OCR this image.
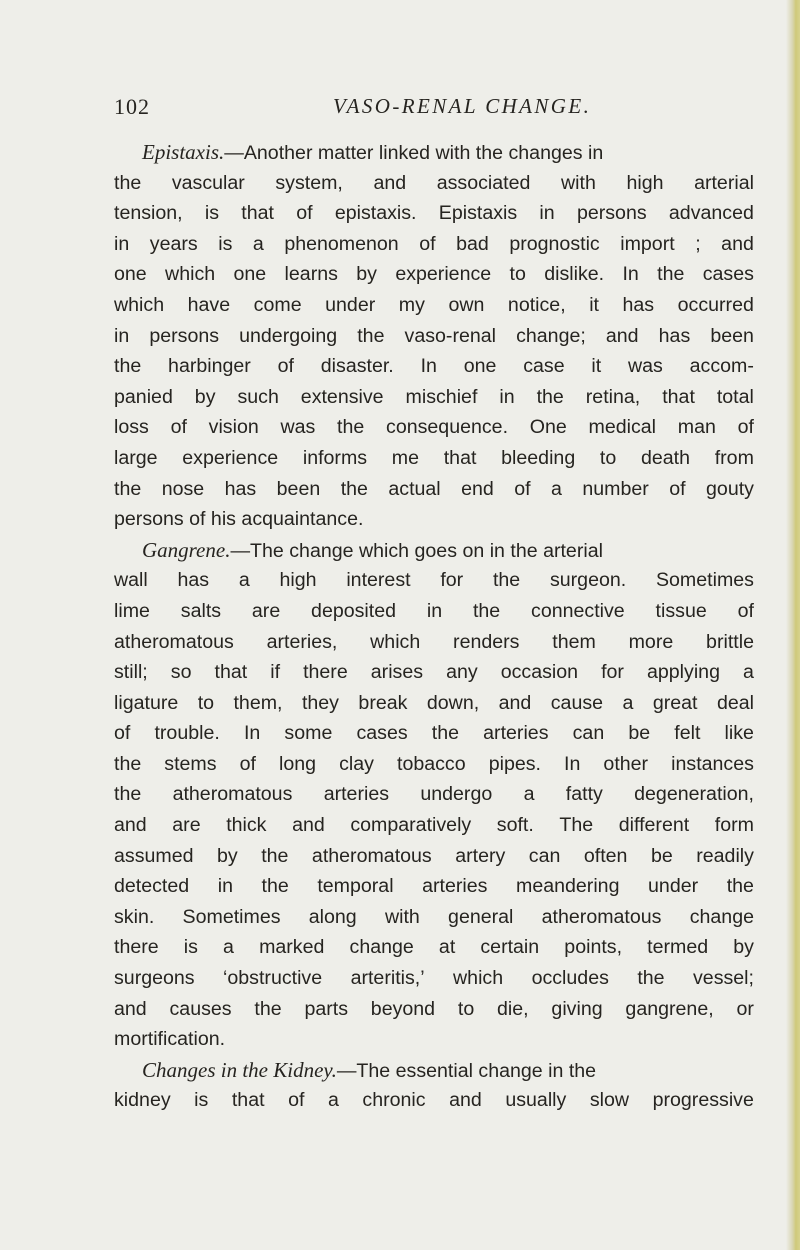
102	VASO-RENAL CHANGE.
Epistaxis.—Another matter linked with the changes in
the vascular system, and associated with high arterial
tension, is that of epistaxis. Epistaxis in persons advanced
in years is a phenomenon of bad prognostic import ; and
one which one learns by experience to dislike. In the cases
which have come under my own notice, it has occurred
in persons undergoing the vaso-renal change; and has been
the harbinger of disaster. In one case it was accom-
panied by such extensive mischief in the retina, that total
loss of vision was the consequence. One medical man of
large experience informs me that bleeding to death from
the nose has been the actual end of a number of gouty
persons of his acquaintance.
Gangrene.—The change which goes on in the arterial
wall has a high interest for the surgeon. Sometimes
lime salts are deposited in the connective tissue of
atheromatous arteries, which renders them more brittle
still; so that if there arises any occasion for applying a
ligature to them, they break down, and cause a great deal
of trouble. In some cases the arteries can be felt like
the stems of long clay tobacco pipes. In other instances
the atheromatous arteries undergo a fatty degeneration,
and are thick and comparatively soft. The different form
assumed by the atheromatous artery can often be readily
detected in the temporal arteries meandering under the
skin. Sometimes along with general atheromatous change
there is a marked change at certain points, termed by
surgeons ‘obstructive arteritis,’ which occludes the vessel;
and causes the parts beyond to die, giving gangrene, or
mortification.
Changes in the Kidney.—The essential change in the
kidney is that of a chronic and usually slow progressive
